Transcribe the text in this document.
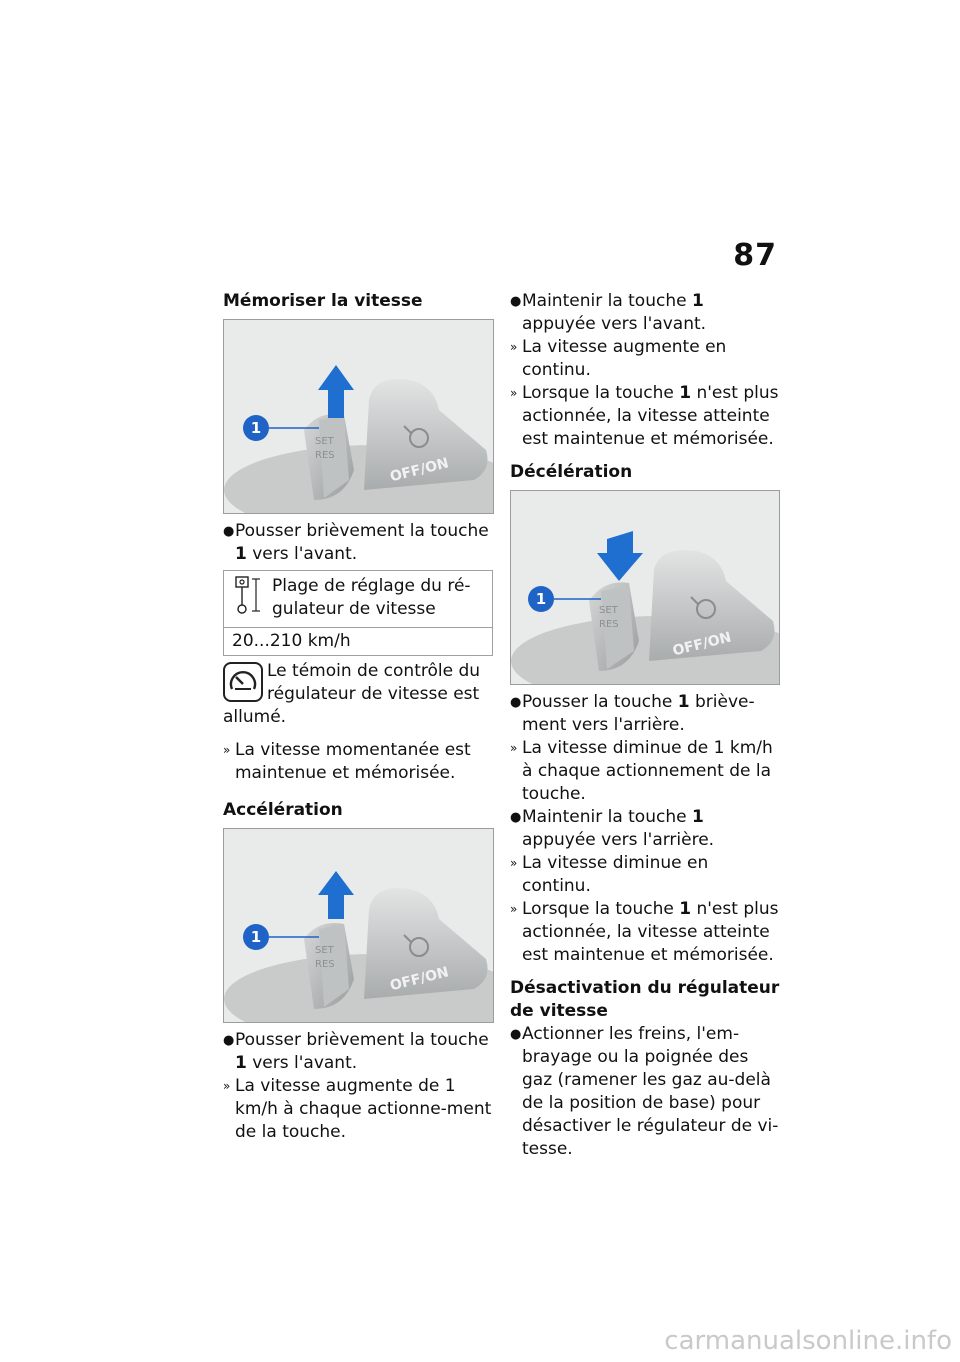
87
Mémoriser la vitesse
1
SET
RES	OFF/ON
● Pousser brièvement la touche 1 vers l'avant.
Plage de réglage du ré-gulateur de vitesse
20...210 km/h
Le témoin de contrôle du régulateur de vitesse est allumé.
» La vitesse momentanée est maintenue et mémorisée.
Accélération
1
SET
RES	OFF/ON
● Pousser brièvement la touche 1 vers l'avant.
» La vitesse augmente de 1 km/h à chaque actionne-ment de la touche.
● Maintenir la touche 1 appuyée vers l'avant.
» La vitesse augmente en continu.
» Lorsque la touche 1 n'est plus actionnée, la vitesse atteinte est maintenue et mémorisée.
Décélération
1
SET
RES
OFF/ON
● Pousser la touche 1 briève-ment vers l'arrière.
» La vitesse diminue de 1 km/h à chaque actionnement de la touche.
● Maintenir la touche 1 appuyée vers l'arrière.
» La vitesse diminue en continu.
» Lorsque la touche 1 n'est plus actionnée, la vitesse atteinte est maintenue et mémorisée.
Désactivation du régulateur de vitesse
● Actionner les freins, l'em-brayage ou la poignée des gaz (ramener les gaz au-delà de la position de base) pour désactiver le régulateur de vi-tesse.
carmanualsonline.info
